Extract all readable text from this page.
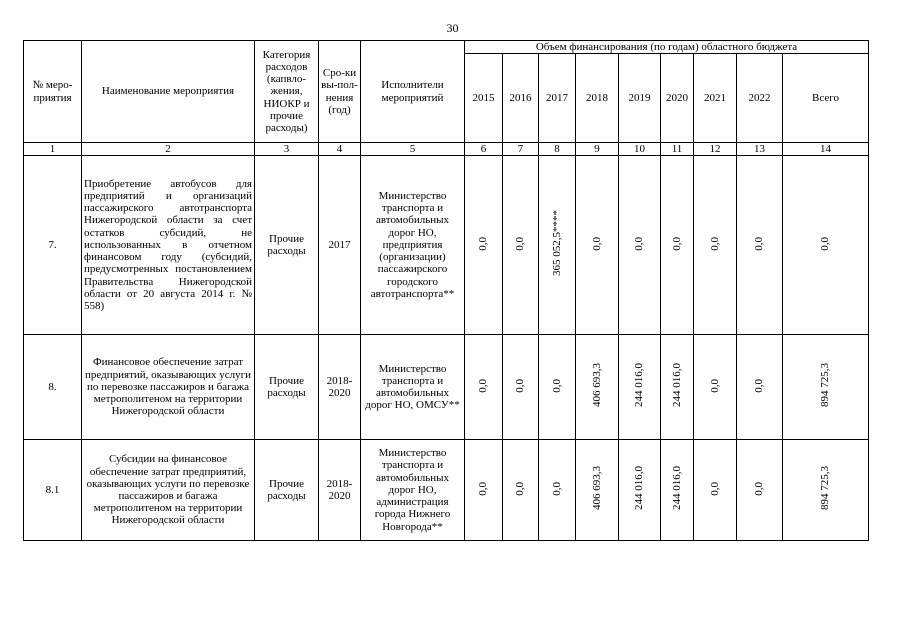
30
№ меро-приятия	Наименование мероприятия	Категория расходов (капвло-жения, НИОКР и прочие расходы)	Сро-ки вы-пол-нения (год)	Исполнители мероприятий	Объем финансирования (по годам) областного бюджета								
					2015	2016	2017	2018	2019	2020	2021	2022	Всего
1	2	3	4	5	6	7	8	9	10	11	12	13	14
7.	Приобретение автобусов для предприятий и организаций пассажирского автотранспорта Нижегородской области за счет остатков субсидий, не использованных в отчетном финансовом году (субсидий, предусмотренных постановлением Правительства Нижегородской области от 20 августа 2014 г. № 558)	Прочие расходы	2017	Министерство транспорта и автомобильных дорог НО, предприятия (организации) пассажирского городского автотранспорта**	0,0	0,0	365 052,5****	0,0	0,0	0,0	0,0	0,0	0,0
8.	Финансовое обеспечение затрат предприятий, оказывающих услуги по перевозке пассажиров и багажа метрополитеном на территории Нижегородской области	Прочие расходы	2018-2020	Министерство транспорта и автомобильных дорог НО, ОМСУ**	0,0	0,0	0,0	406 693,3	244 016,0	244 016,0	0,0	0,0	894 725,3
8.1	Субсидии на финансовое обеспечение затрат предприятий, оказывающих услуги по перевозке пассажиров и багажа метрополитеном на территории Нижегородской области	Прочие расходы	2018-2020	Министерство транспорта и автомобильных дорог НО, администрация города Нижнего Новгорода**	0,0	0,0	0,0	406 693,3	244 016,0	244 016,0	0,0	0,0	894 725,3
